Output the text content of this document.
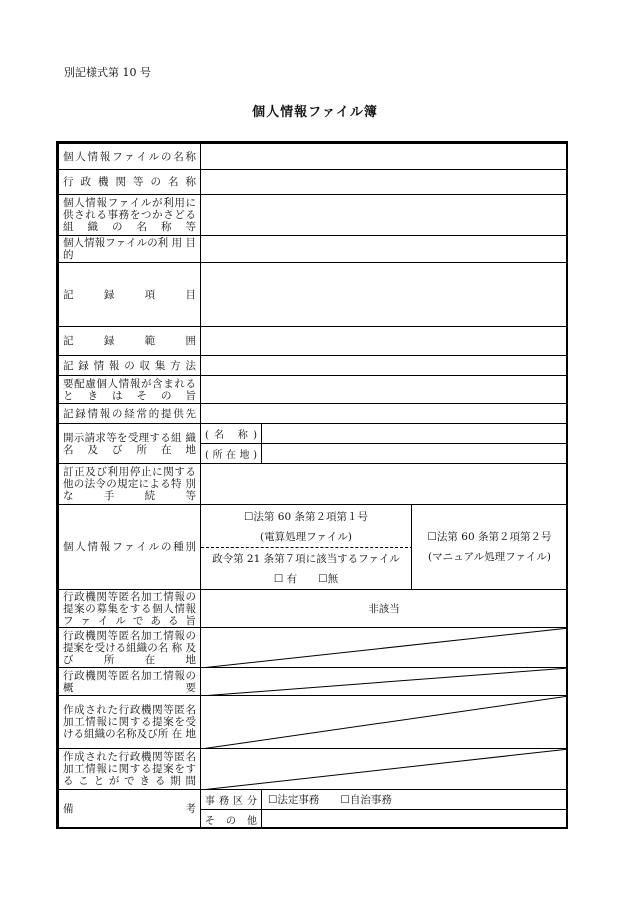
別記様式第 10 号
個人情報ファイル簿
個人情報ファイルの名称
行 政 機 関 等 の 名 称
個人情報ファイルが利用に供される事務をつかさどる組織の名称等
個人情報ファイルの利 用 目 的
記 録 項 目
記 録 範 囲
記録情報の収集方法
要配慮個人情報が含まれるときはその旨
記録情報の経常的提供先
開示請求等を受理する組 織 名 及 び 所 在 地
(名 称)
(所在地)
訂正及び利用停止に関する他の法令の規定による特 別 な 手 続 等
個人情報ファイルの種別
☐法第 60 条第２項第１号
(電算処理ファイル)
政令第 21 条第７項に該当するファイル
☐ 有　　☐無
☐法第 60 条第２項第２号
(マニュアル処理ファイル)
行政機関等匿名加工情報の提案の募集をする個人情報ファイルである旨
非該当
行政機関等匿名加工情報の提案を受ける組織の名 称 及 び 所 在 地
行政機関等匿名加工情報の 概 要
作成された行政機関等匿名加工情報に関する提案を受ける組織の名称及び所 在 地
作成された行政機関等匿名加工情報に関する提案をすることができる期間
備 考
事務区分 ☐法定事務　　☐自治事務
そ の 他
